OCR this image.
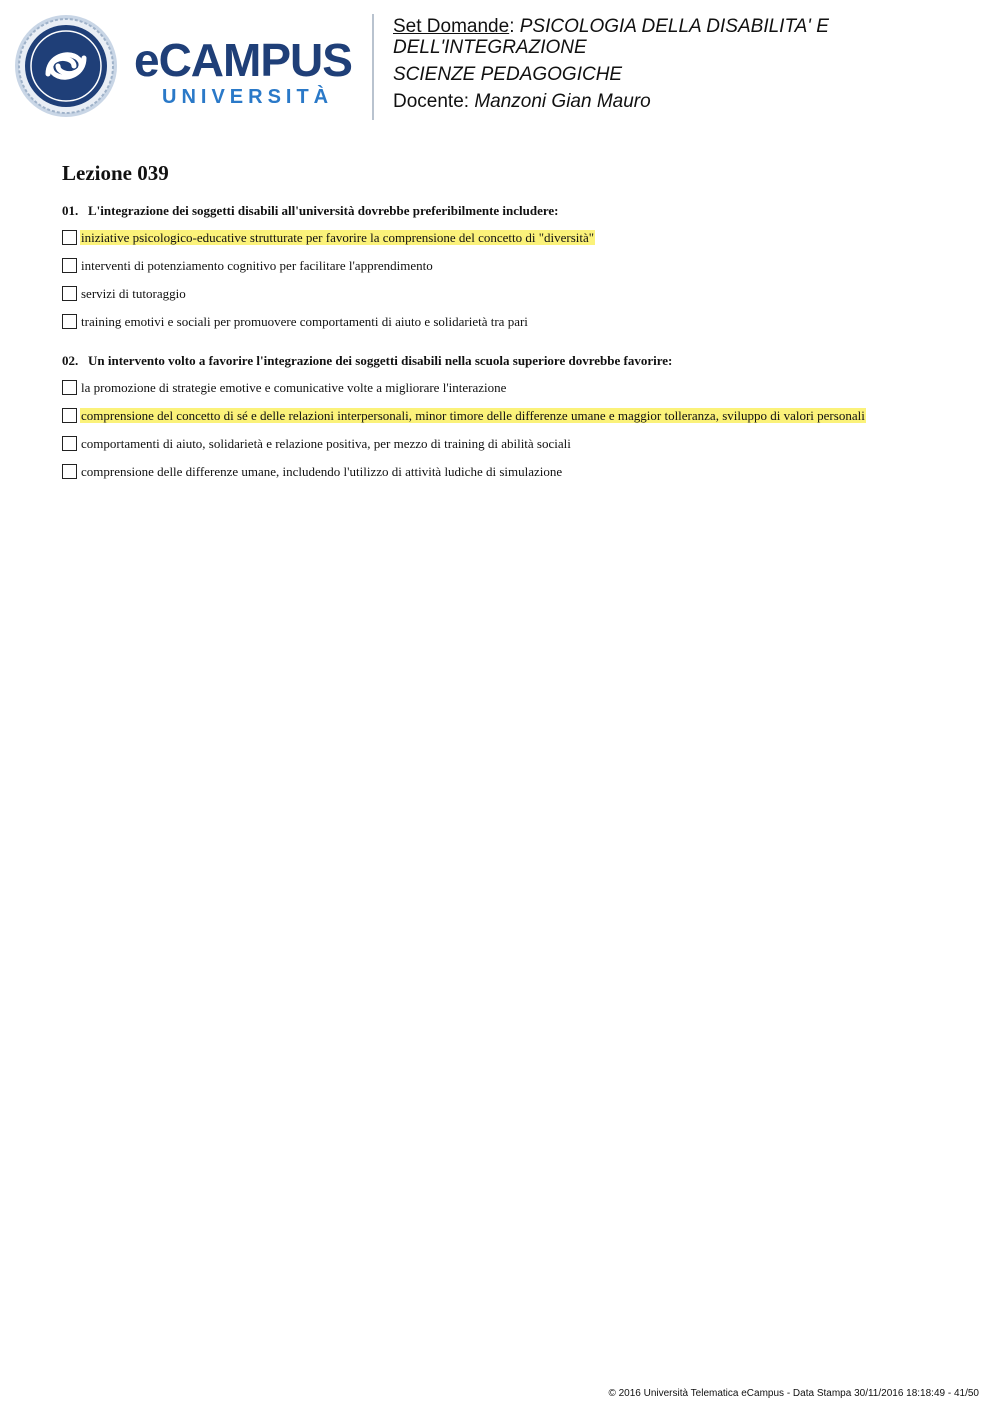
eCAMPUS
UNIVERSITÀ
Set Domande: PSICOLOGIA DELLA DISABILITA' E
DELL'INTEGRAZIONE
SCIENZE PEDAGOGICHE
Docente: Manzoni Gian Mauro
Lezione 039
01. L'integrazione dei soggetti disabili all'università dovrebbe preferibilmente includere:
iniziative psicologico-educative strutturate per favorire la comprensione del concetto di "diversità"
interventi di potenziamento cognitivo per facilitare l'apprendimento
servizi di tutoraggio
training emotivi e sociali per promuovere comportamenti di aiuto e solidarietà tra pari
02. Un intervento volto a favorire l'integrazione dei soggetti disabili nella scuola superiore dovrebbe favorire:
la promozione di strategie emotive e comunicative volte a migliorare l'interazione
comprensione del concetto di sé e delle relazioni interpersonali, minor timore delle differenze umane e maggior tolleranza, sviluppo di valori personali
comportamenti di aiuto, solidarietà e relazione positiva, per mezzo di training di abilità sociali
comprensione delle differenze umane, includendo l'utilizzo di attività ludiche di simulazione
© 2016 Università Telematica eCampus - Data Stampa 30/11/2016 18:18:49 - 41/50
